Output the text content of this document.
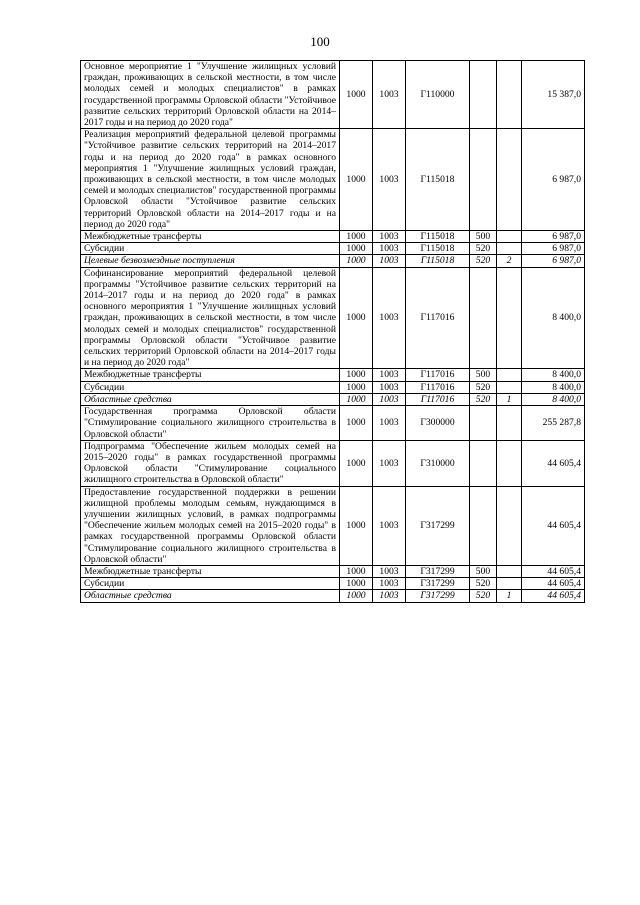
100
Основное мероприятие 1 "Улучшение жилищных условий граждан, проживающих в сельской местности, в том числе молодых семей и молодых специалистов" в рамках государственной программы Орловской области "Устойчивое развитие сельских территорий Орловской области на 2014–2017 годы и на период до 2020 года"	1000	1003	Г110000			15 387,0
Реализация мероприятий федеральной целевой программы "Устойчивое развитие сельских территорий на 2014–2017 годы и на период до 2020 года" в рамках основного мероприятия 1 "Улучшение жилищных условий граждан, проживающих в сельской местности, в том числе молодых семей и молодых специалистов" государственной программы Орловской области "Устойчивое развитие сельских территорий Орловской области на 2014–2017 годы и на период до 2020 года"	1000	1003	Г115018			6 987,0
Межбюджетные трансферты	1000	1003	Г115018	500		6 987,0
Субсидии	1000	1003	Г115018	520		6 987,0
Целевые безвозмездные поступления	1000	1003	Г115018	520	2	6 987,0
Софинансирование мероприятий федеральной целевой программы "Устойчивое развитие сельских территорий на 2014–2017 годы и на период до 2020 года" в рамках основного мероприятия 1 "Улучшение жилищных условий граждан, проживающих в сельской местности, в том числе молодых семей и молодых специалистов" государственной программы Орловской области "Устойчивое развитие сельских территорий Орловской области на 2014–2017 годы и на период до 2020 года"	1000	1003	Г117016			8 400,0
Межбюджетные трансферты	1000	1003	Г117016	500		8 400,0
Субсидии	1000	1003	Г117016	520		8 400,0
Областные средства	1000	1003	Г117016	520	1	8 400,0
Государственная программа Орловской области "Стимулирование социального жилищного строительства в Орловской области"	1000	1003	Г300000			255 287,8
Подпрограмма "Обеспечение жильем молодых семей на 2015–2020 годы" в рамках государственной программы Орловской области "Стимулирование социального жилищного строительства в Орловской области"	1000	1003	Г310000			44 605,4
Предоставление государственной поддержки в решении жилищной проблемы молодым семьям, нуждающимся в улучшении жилищных условий, в рамках подпрограммы "Обеспечение жильем молодых семей на 2015–2020 годы" в рамках государственной программы Орловской области "Стимулирование социального жилищного строительства в Орловской области"	1000	1003	Г317299			44 605,4
Межбюджетные трансферты	1000	1003	Г317299	500		44 605,4
Субсидии	1000	1003	Г317299	520		44 605,4
Областные средства	1000	1003	Г317299	520	1	44 605,4
